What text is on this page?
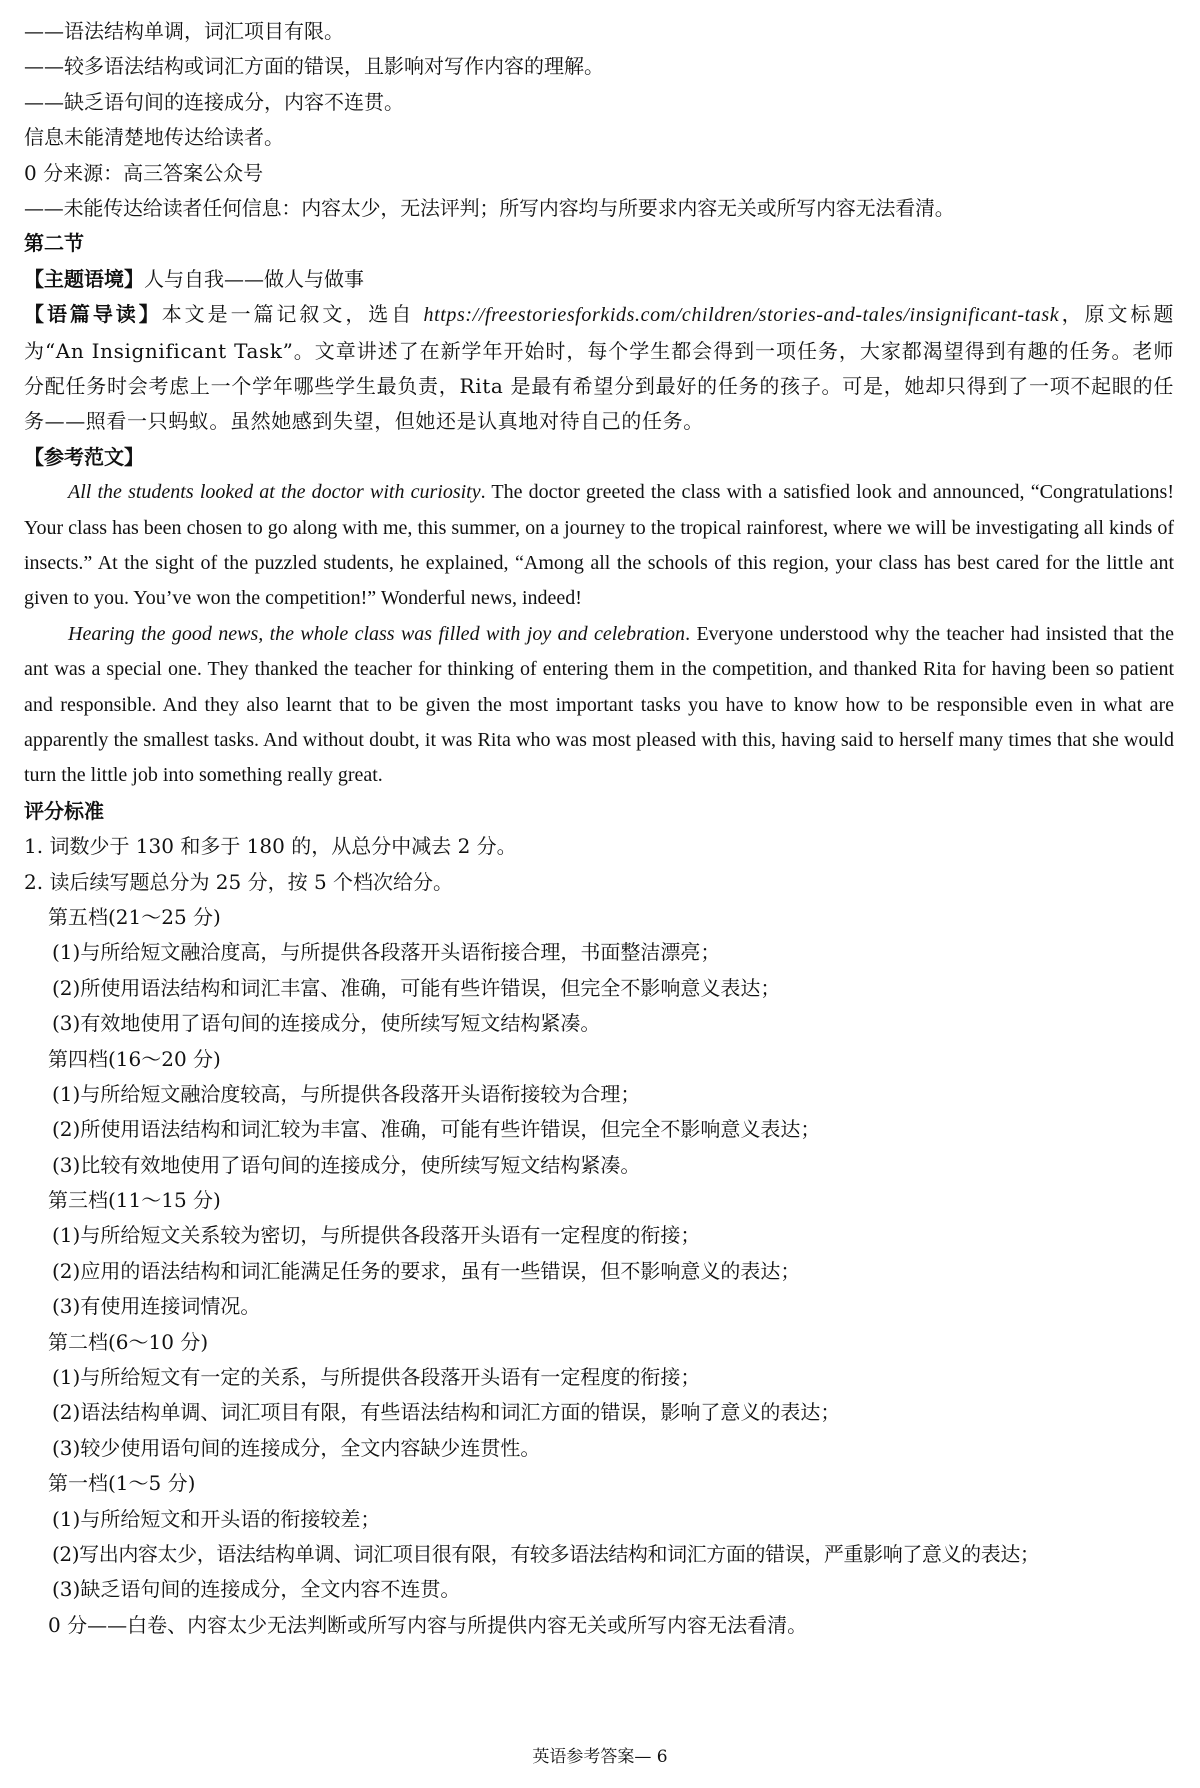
——语法结构单调，词汇项目有限。
——较多语法结构或词汇方面的错误，且影响对写作内容的理解。
——缺乏语句间的连接成分，内容不连贯。
信息未能清楚地传达给读者。
0 分来源：高三答案公众号
——未能传达给读者任何信息：内容太少，无法评判；所写内容均与所要求内容无关或所写内容无法看清。
第二节
【主题语境】人与自我——做人与做事
【语篇导读】本文是一篇记叙文，选自 https://freestoriesforkids.com/children/stories-and-tales/insignificant-task，原文标题为“An Insignificant Task”。文章讲述了在新学年开始时，每个学生都会得到一项任务，大家都渴望得到有趣的任务。老师分配任务时会考虑上一个学年哪些学生最负责，Rita 是最有希望分到最好的任务的孩子。可是，她却只得到了一项不起眼的任务——照看一只蚂蚁。虽然她感到失望，但她还是认真地对待自己的任务。
【参考范文】
All the students looked at the doctor with curiosity. The doctor greeted the class with a satisfied look and announced, “Congratulations! Your class has been chosen to go along with me, this summer, on a journey to the tropical rainforest, where we will be investigating all kinds of insects.” At the sight of the puzzled students, he explained, “Among all the schools of this region, your class has best cared for the little ant given to you. You’ve won the competition!” Wonderful news, indeed!
Hearing the good news, the whole class was filled with joy and celebration. Everyone understood why the teacher had insisted that the ant was a special one. They thanked the teacher for thinking of entering them in the competition, and thanked Rita for having been so patient and responsible. And they also learnt that to be given the most important tasks you have to know how to be responsible even in what are apparently the smallest tasks. And without doubt, it was Rita who was most pleased with this, having said to herself many times that she would turn the little job into something really great.
评分标准
1. 词数少于 130 和多于 180 的，从总分中减去 2 分。
2. 读后续写题总分为 25 分，按 5 个档次给分。
第五档(21～25 分)
(1)与所给短文融洽度高，与所提供各段落开头语衔接合理，书面整洁漂亮；
(2)所使用语法结构和词汇丰富、准确，可能有些许错误，但完全不影响意义表达；
(3)有效地使用了语句间的连接成分，使所续写短文结构紧凑。
第四档(16～20 分)
(1)与所给短文融洽度较高，与所提供各段落开头语衔接较为合理；
(2)所使用语法结构和词汇较为丰富、准确，可能有些许错误，但完全不影响意义表达；
(3)比较有效地使用了语句间的连接成分，使所续写短文结构紧凑。
第三档(11～15 分)
(1)与所给短文关系较为密切，与所提供各段落开头语有一定程度的衔接；
(2)应用的语法结构和词汇能满足任务的要求，虽有一些错误，但不影响意义的表达；
(3)有使用连接词情况。
第二档(6～10 分)
(1)与所给短文有一定的关系，与所提供各段落开头语有一定程度的衔接；
(2)语法结构单调、词汇项目有限，有些语法结构和词汇方面的错误，影响了意义的表达；
(3)较少使用语句间的连接成分，全文内容缺少连贯性。
第一档(1～5 分)
(1)与所给短文和开头语的衔接较差；
(2)写出内容太少，语法结构单调、词汇项目很有限，有较多语法结构和词汇方面的错误，严重影响了意义的表达；
(3)缺乏语句间的连接成分，全文内容不连贯。
0 分——白卷、内容太少无法判断或所写内容与所提供内容无关或所写内容无法看清。
英语参考答案— 6
